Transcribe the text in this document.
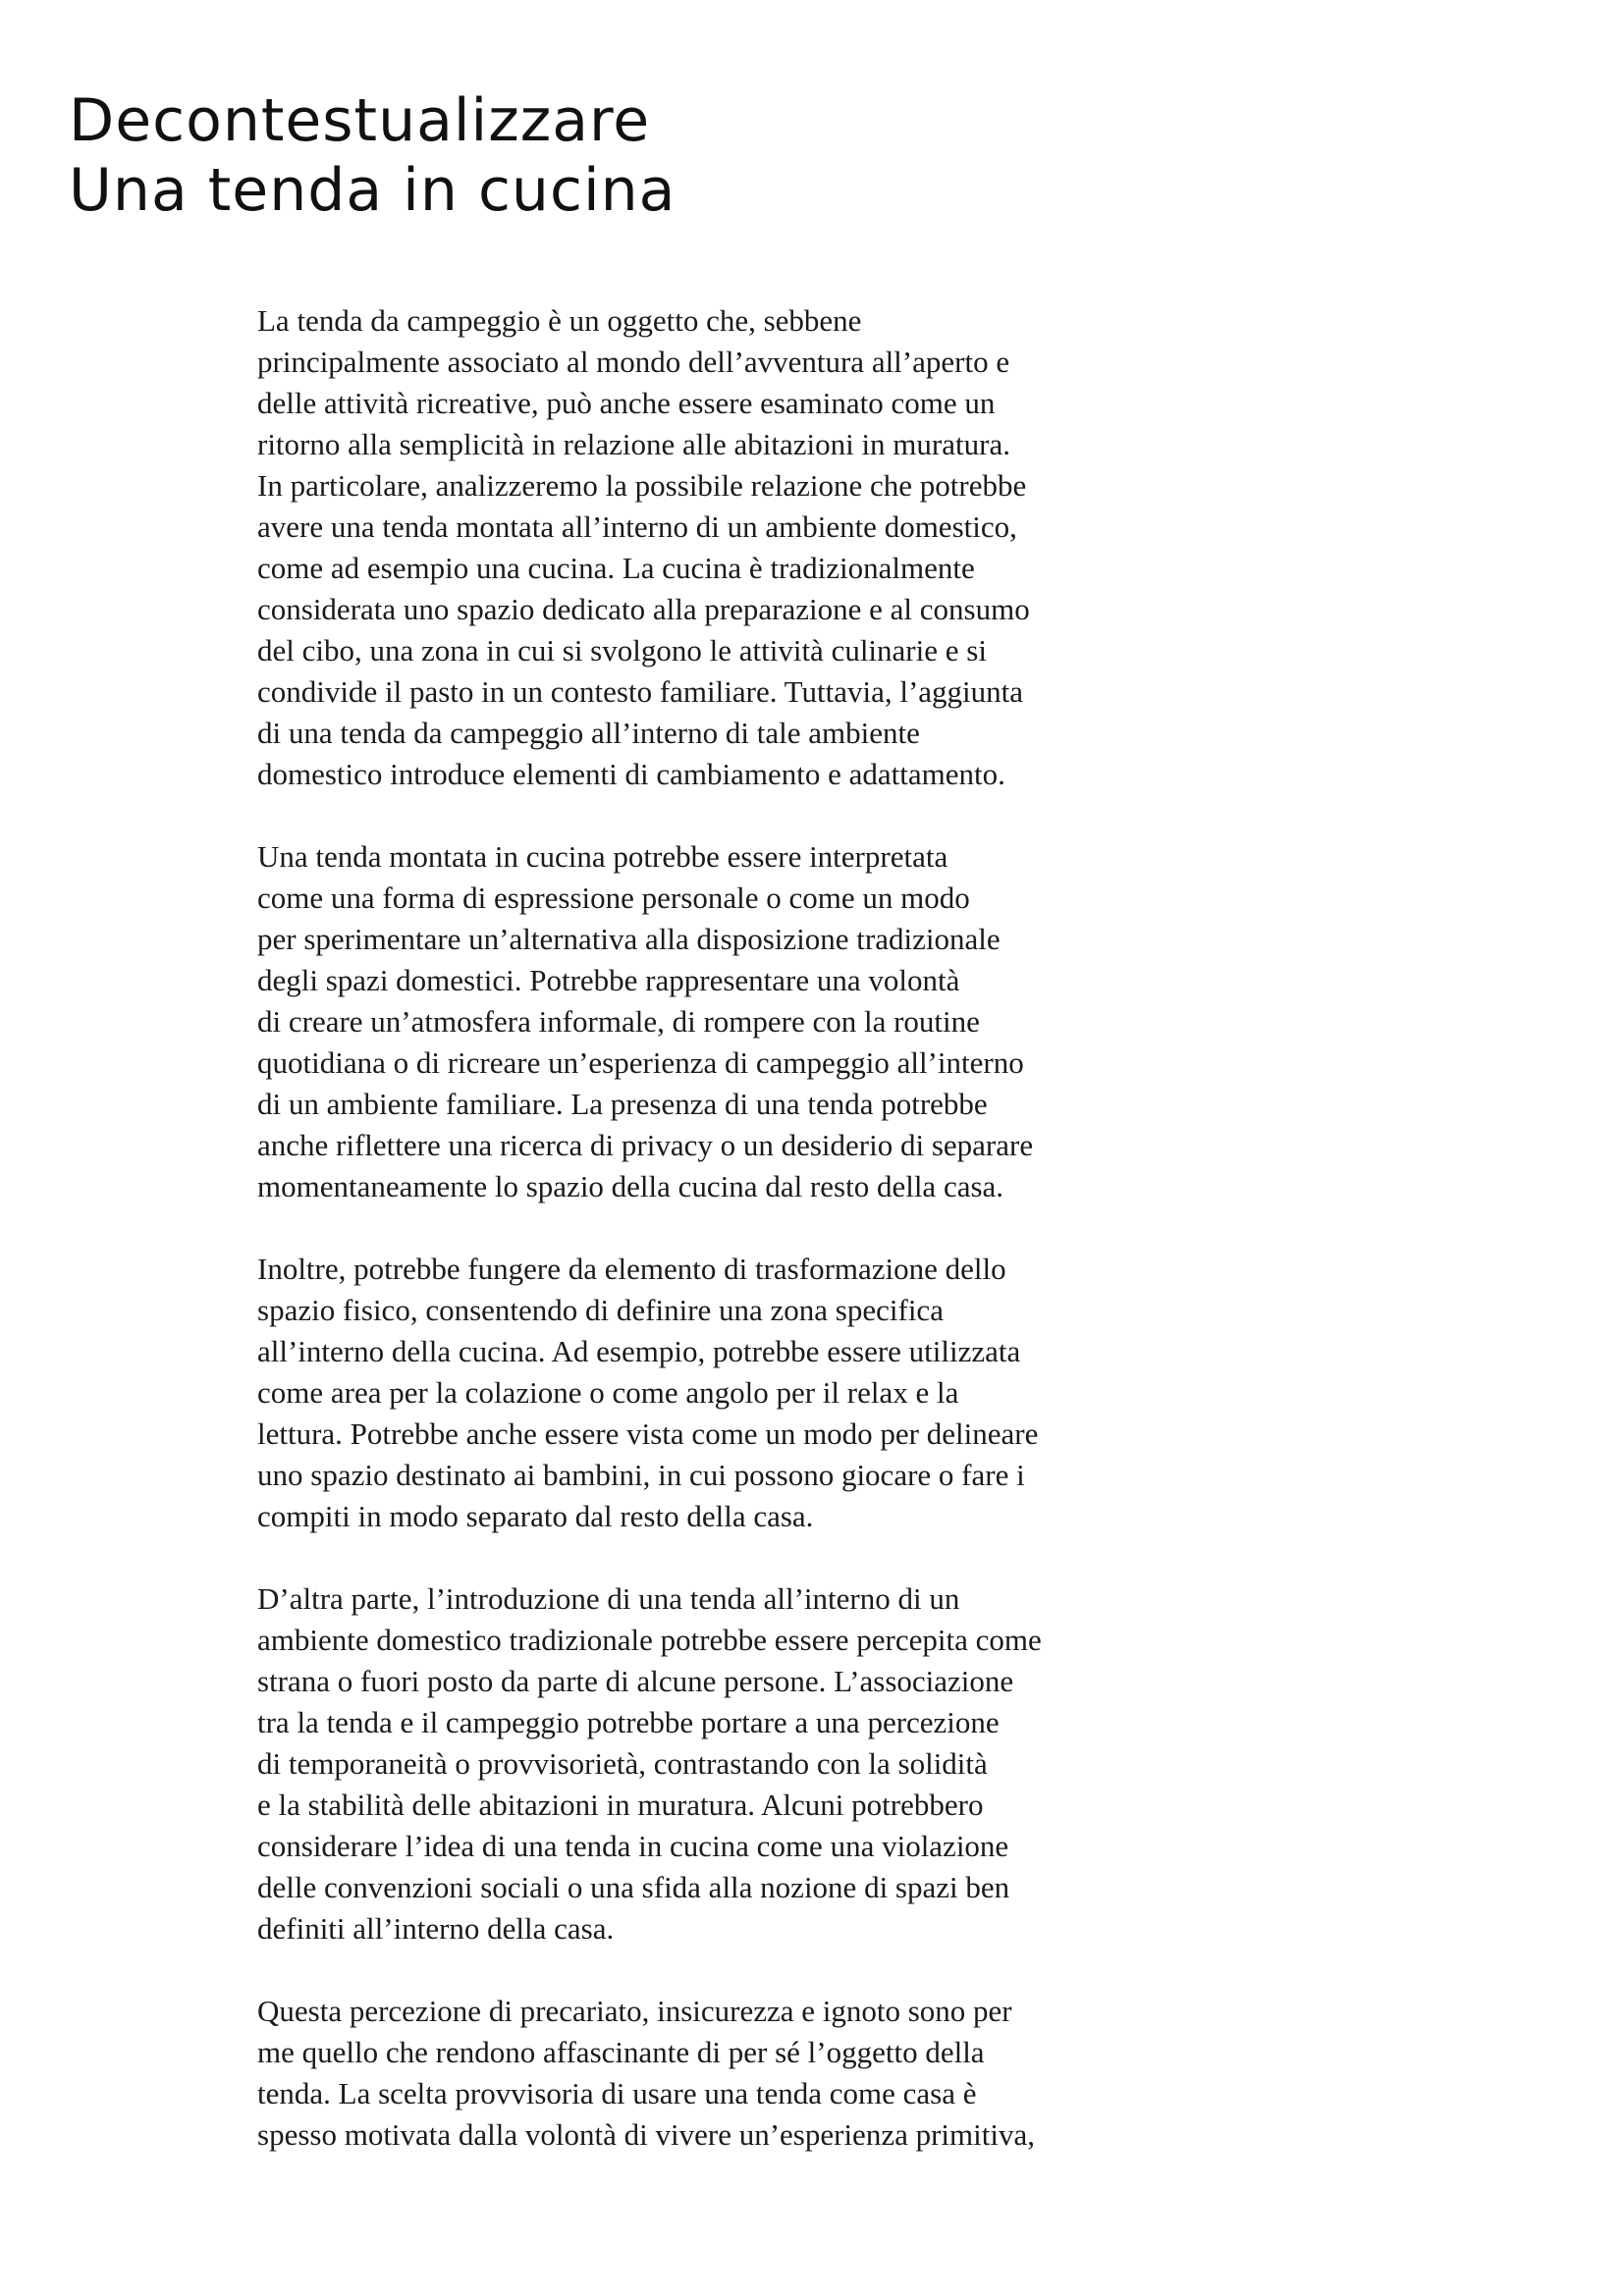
Decontestualizzare
Una tenda in cucina

La tenda da campeggio è un oggetto che, sebbene
principalmente associato al mondo dell’avventura all’aperto e
delle attività ricreative, può anche essere esaminato come un
ritorno alla semplicità in relazione alle abitazioni in muratura.
In particolare, analizzeremo la possibile relazione che potrebbe
avere una tenda montata all’interno di un ambiente domestico,
come ad esempio una cucina. La cucina è tradizionalmente
considerata uno spazio dedicato alla preparazione e al consumo
del cibo, una zona in cui si svolgono le attività culinarie e si
condivide il pasto in un contesto familiare. Tuttavia, l’aggiunta
di una tenda da campeggio all’interno di tale ambiente
domestico introduce elementi di cambiamento e adattamento.

Una tenda montata in cucina potrebbe essere interpretata
come una forma di espressione personale o come un modo
per sperimentare un’alternativa alla disposizione tradizionale
degli spazi domestici. Potrebbe rappresentare una volontà
di creare un’atmosfera informale, di rompere con la routine
quotidiana o di ricreare un’esperienza di campeggio all’interno
di un ambiente familiare. La presenza di una tenda potrebbe
anche riflettere una ricerca di privacy o un desiderio di separare
momentaneamente lo spazio della cucina dal resto della casa.

Inoltre, potrebbe fungere da elemento di trasformazione dello
spazio fisico, consentendo di definire una zona specifica
all’interno della cucina. Ad esempio, potrebbe essere utilizzata
come area per la colazione o come angolo per il relax e la
lettura. Potrebbe anche essere vista come un modo per delineare
uno spazio destinato ai bambini, in cui possono giocare o fare i
compiti in modo separato dal resto della casa.

D’altra parte, l’introduzione di una tenda all’interno di un
ambiente domestico tradizionale potrebbe essere percepita come
strana o fuori posto da parte di alcune persone. L’associazione
tra la tenda e il campeggio potrebbe portare a una percezione
di temporaneità o provvisorietà, contrastando con la solidità
e la stabilità delle abitazioni in muratura. Alcuni potrebbero
considerare l’idea di una tenda in cucina come una violazione
delle convenzioni sociali o una sfida alla nozione di spazi ben
definiti all’interno della casa.

Questa percezione di precariato, insicurezza e ignoto sono per
me quello che rendono affascinante di per sé l’oggetto della
tenda. La scelta provvisoria di usare una tenda come casa è
spesso motivata dalla volontà di vivere un’esperienza primitiva,
